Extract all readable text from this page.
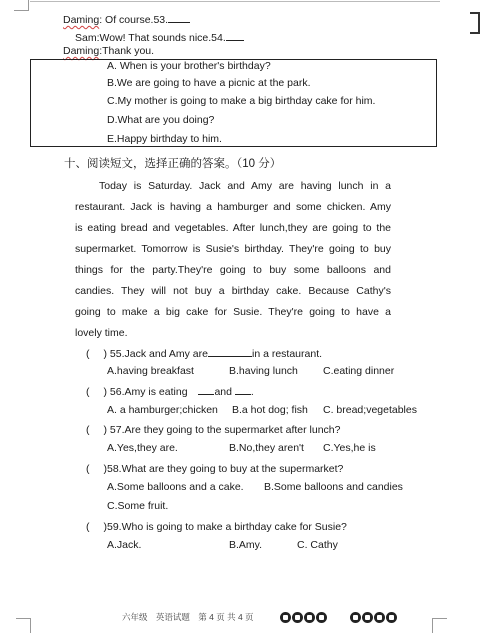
Daming: Of course.53.
Sam:Wow! That sounds nice.54.
Daming:Thank you.
A. When is your brother's birthday?
B.We are going to have a picnic at the park.
C.My mother is going to make a big birthday cake for him.
D.What are you doing?
E.Happy birthday to him.
十、阅读短文，选择正确的答案。（10 分）
Today is Saturday. Jack and Amy are having lunch in a
restaurant. Jack is having a hamburger and some chicken. Amy
is eating bread and vegetables. After lunch,they are going to the
supermarket. Tomorrow is Susie's birthday. They're going to buy
things for the party.They're going to buy some balloons and
candies. They will not buy a birthday cake. Because Cathy's
going to make a big cake for Susie. They're going to have a
lovely time.
( ) 55.Jack and Amy are	in a restaurant.
A.having breakfast	B.having lunch C.eating dinner
( ) 56.Amy is eating	and .
A. a hamburger;chicken B.a hot dog; fish C. bread;vegetables
( ) 57.Are they going to the supermarket after lunch?
A.Yes,they are.	B.No,they aren't C.Yes,he is
( )58.What are they going to buy at the supermarket?
A.Some balloons and a cake. B.Some balloons and candies
C.Some fruit.
( )59.Who is going to make a birthday cake for Susie?
A.Jack.	B.Amy.	C. Cathy
六年级 英语试题 第 4 页 共 4 页
